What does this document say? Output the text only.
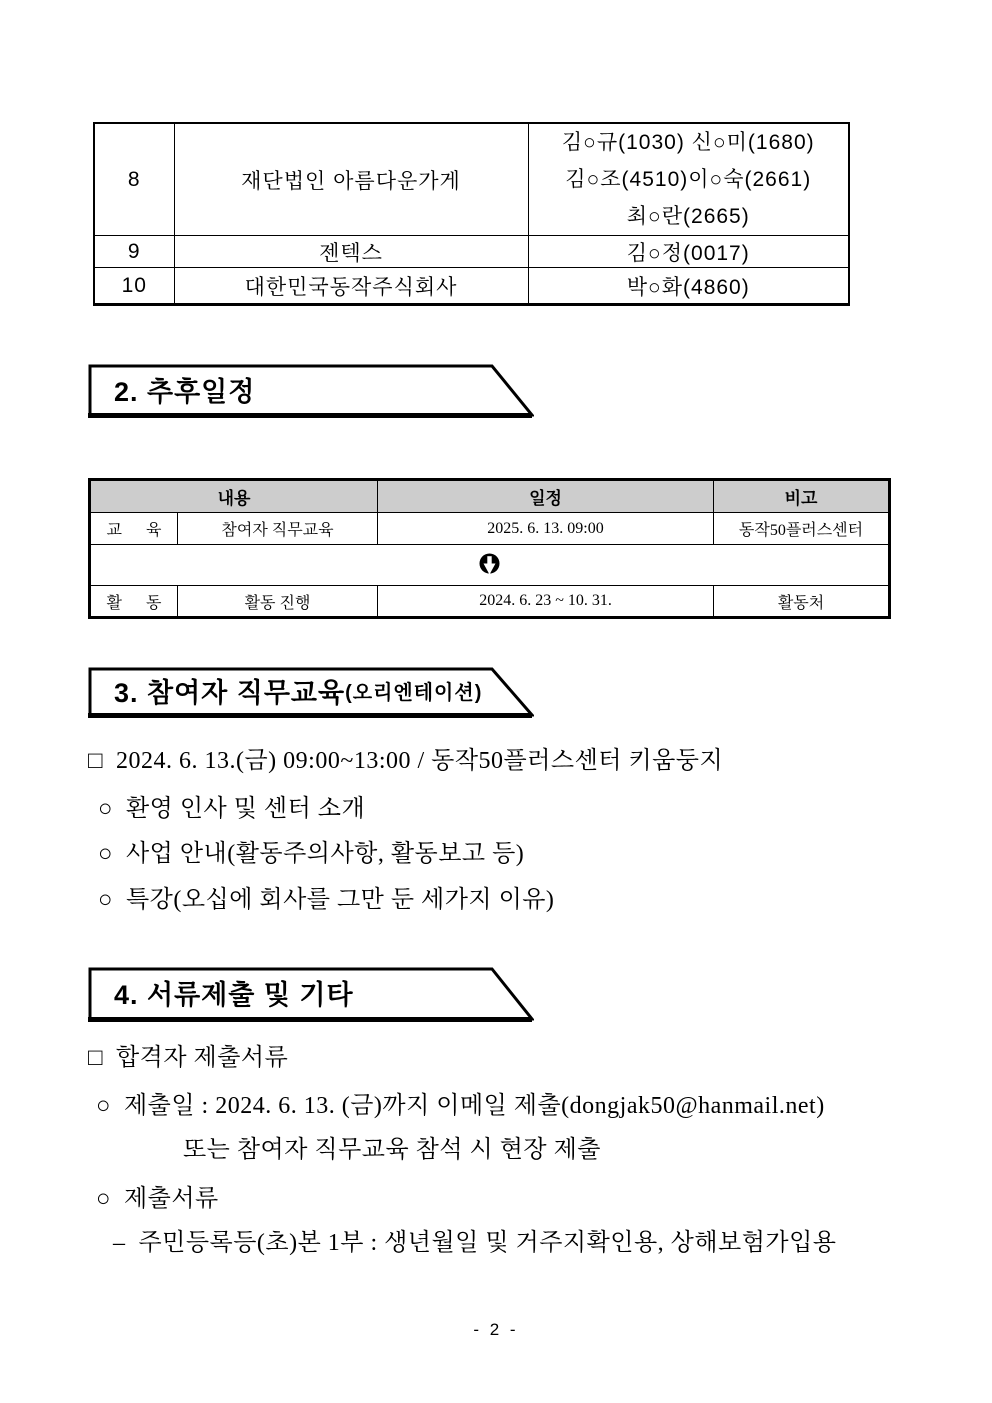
8	재단법인 아름다운가게	김○규(1030) 신○미(1680)
김○조(4510)이○숙(2661)
최○란(2665)

9	젠텍스	김○정(0017)
10	대한민국동작주식회사	박○화(4860)
2. 추후일정
내용		일정	비고
교      육	참여자 직무교육	2025. 6. 13. 09:00	동작50플러스센터

활      동	활동 진행	2024. 6. 23 ~ 10. 31.	활동처
3. 참여자 직무교육 (오리엔테이션)
□ 2024. 6. 13.(금) 09:00~13:00 / 동작50플러스센터 키움둥지
○ 환영 인사 및 센터 소개
○ 사업 안내(활동주의사항, 활동보고 등)
○ 특강(오십에 회사를 그만 둔 세가지 이유)
4. 서류제출 및 기타
□ 합격자 제출서류
○ 제출일 : 2024. 6. 13. (금)까지 이메일 제출(dongjak50@hanmail.net)
또는 참여자 직무교육 참석 시 현장 제출
○ 제출서류
– 주민등록등(초)본 1부 : 생년월일 및 거주지확인용, 상해보험가입용
- 2 -
